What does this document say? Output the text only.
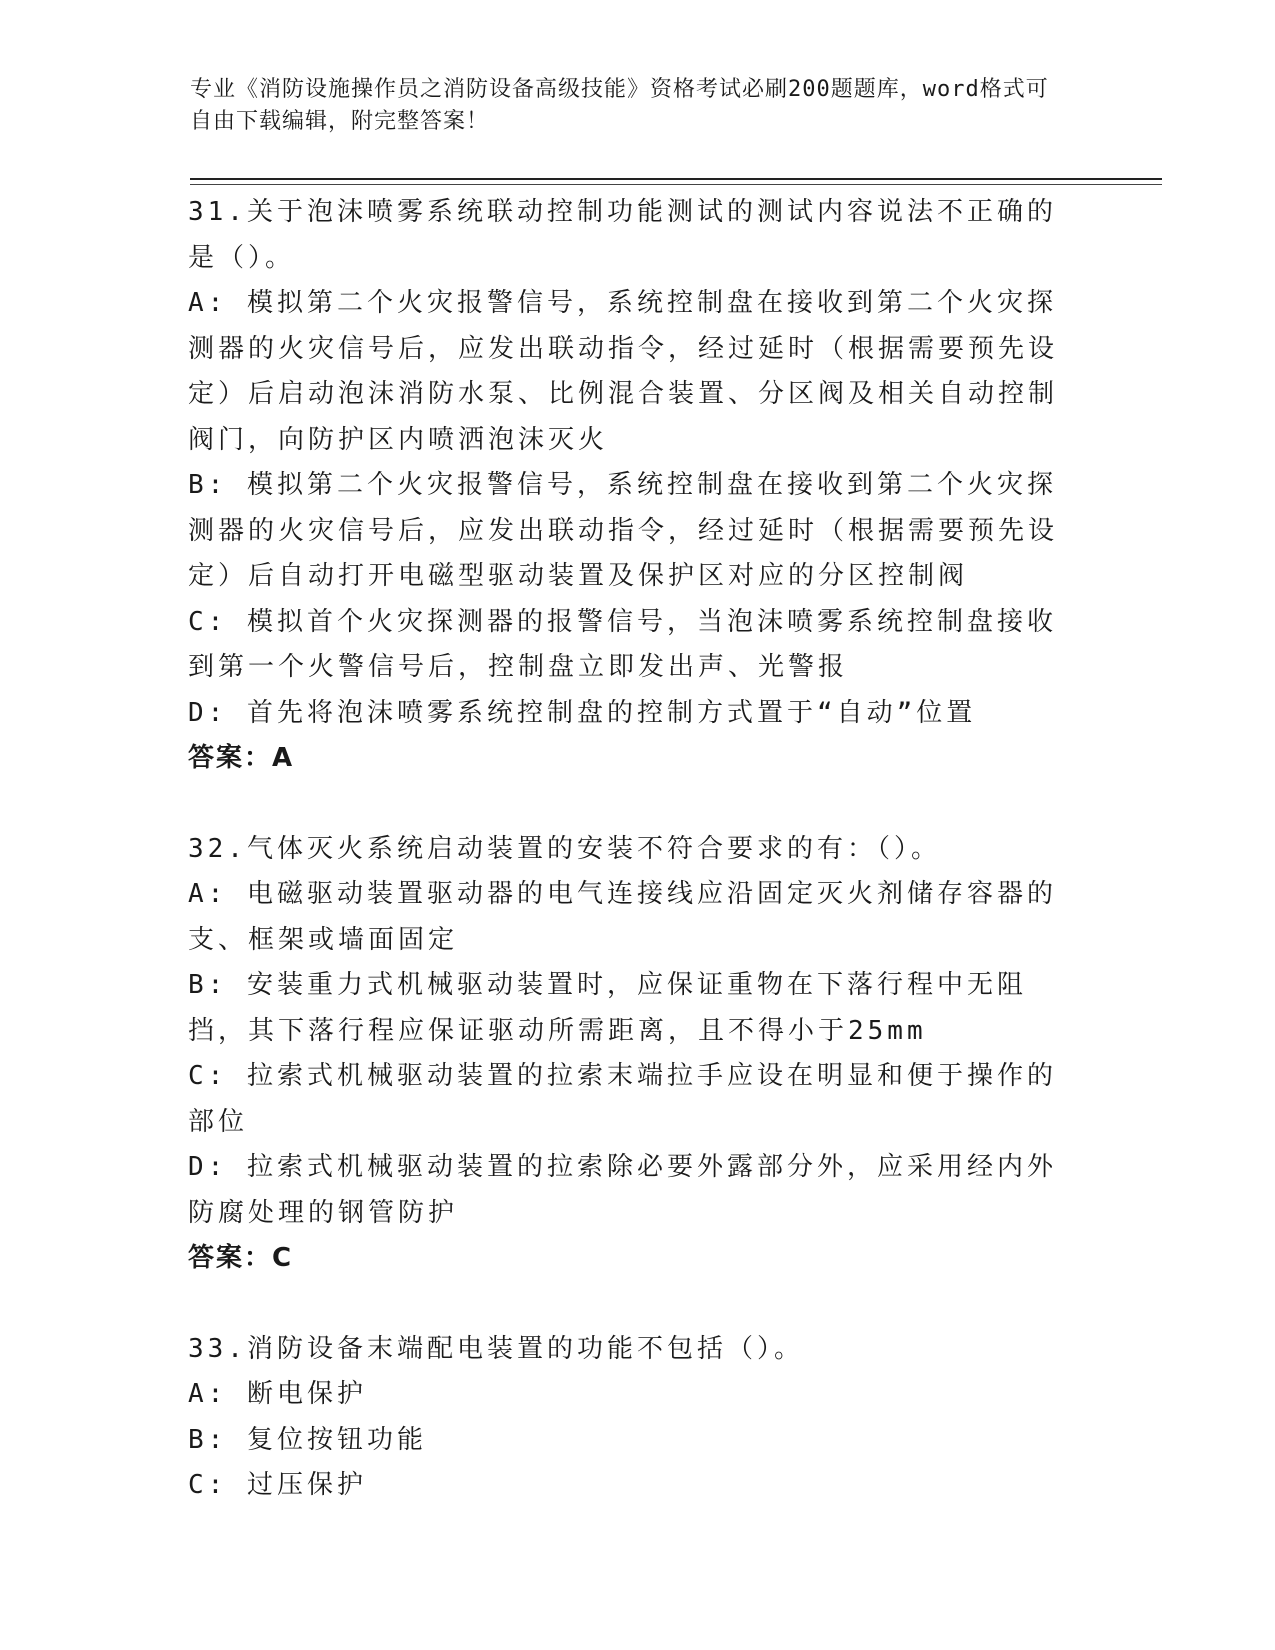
专业《消防设施操作员之消防设备高级技能》资格考试必刷200题题库，word格式可自由下载编辑，附完整答案！

31.关于泡沫喷雾系统联动控制功能测试的测试内容说法不正确的是（）。

A: 模拟第二个火灾报警信号，系统控制盘在接收到第二个火灾探测器的火灾信号后，应发出联动指令，经过延时（根据需要预先设定）后启动泡沫消防水泵、比例混合装置、分区阀及相关自动控制阀门，向防护区内喷洒泡沫灭火

B: 模拟第二个火灾报警信号，系统控制盘在接收到第二个火灾探测器的火灾信号后，应发出联动指令，经过延时（根据需要预先设定）后自动打开电磁型驱动装置及保护区对应的分区控制阀

C: 模拟首个火灾探测器的报警信号，当泡沫喷雾系统控制盘接收到第一个火警信号后，控制盘立即发出声、光警报

D: 首先将泡沫喷雾系统控制盘的控制方式置于“自动”位置

答案：A

32.气体灭火系统启动装置的安装不符合要求的有：（）。

A: 电磁驱动装置驱动器的电气连接线应沿固定灭火剂储存容器的支、框架或墙面固定

B: 安装重力式机械驱动装置时，应保证重物在下落行程中无阻挡，其下落行程应保证驱动所需距离，且不得小于25mm

C: 拉索式机械驱动装置的拉索末端拉手应设在明显和便于操作的部位

D: 拉索式机械驱动装置的拉索除必要外露部分外，应采用经内外防腐处理的钢管防护

答案：C

33.消防设备末端配电装置的功能不包括（）。

A: 断电保护

B: 复位按钮功能

C: 过压保护
